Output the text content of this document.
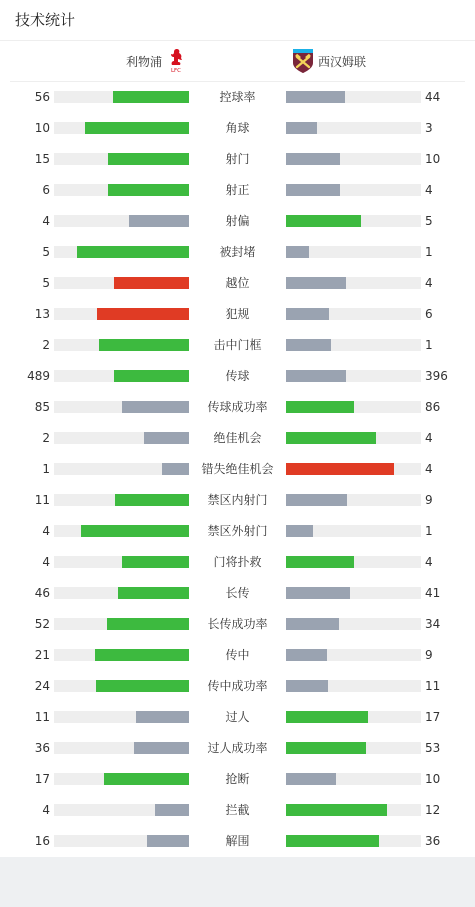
技术统计
利物浦
LFC
西汉姆联
56	控球率	44
10	角球	3
15	射门	10
6	射正	4
4	射偏	5
5	被封堵	1
5	越位	4
13	犯规	6
2	击中门框	1
489	传球	396
85	传球成功率	86
2	绝佳机会	4
1	错失绝佳机会	4
11	禁区内射门	9
4	禁区外射门	1
4	门将扑救	4
46	长传	41
52	长传成功率	34
21	传中	9
24	传中成功率	11
11	过人	17
36	过人成功率	53
17	抢断	10
4	拦截	12
16	解围	36
